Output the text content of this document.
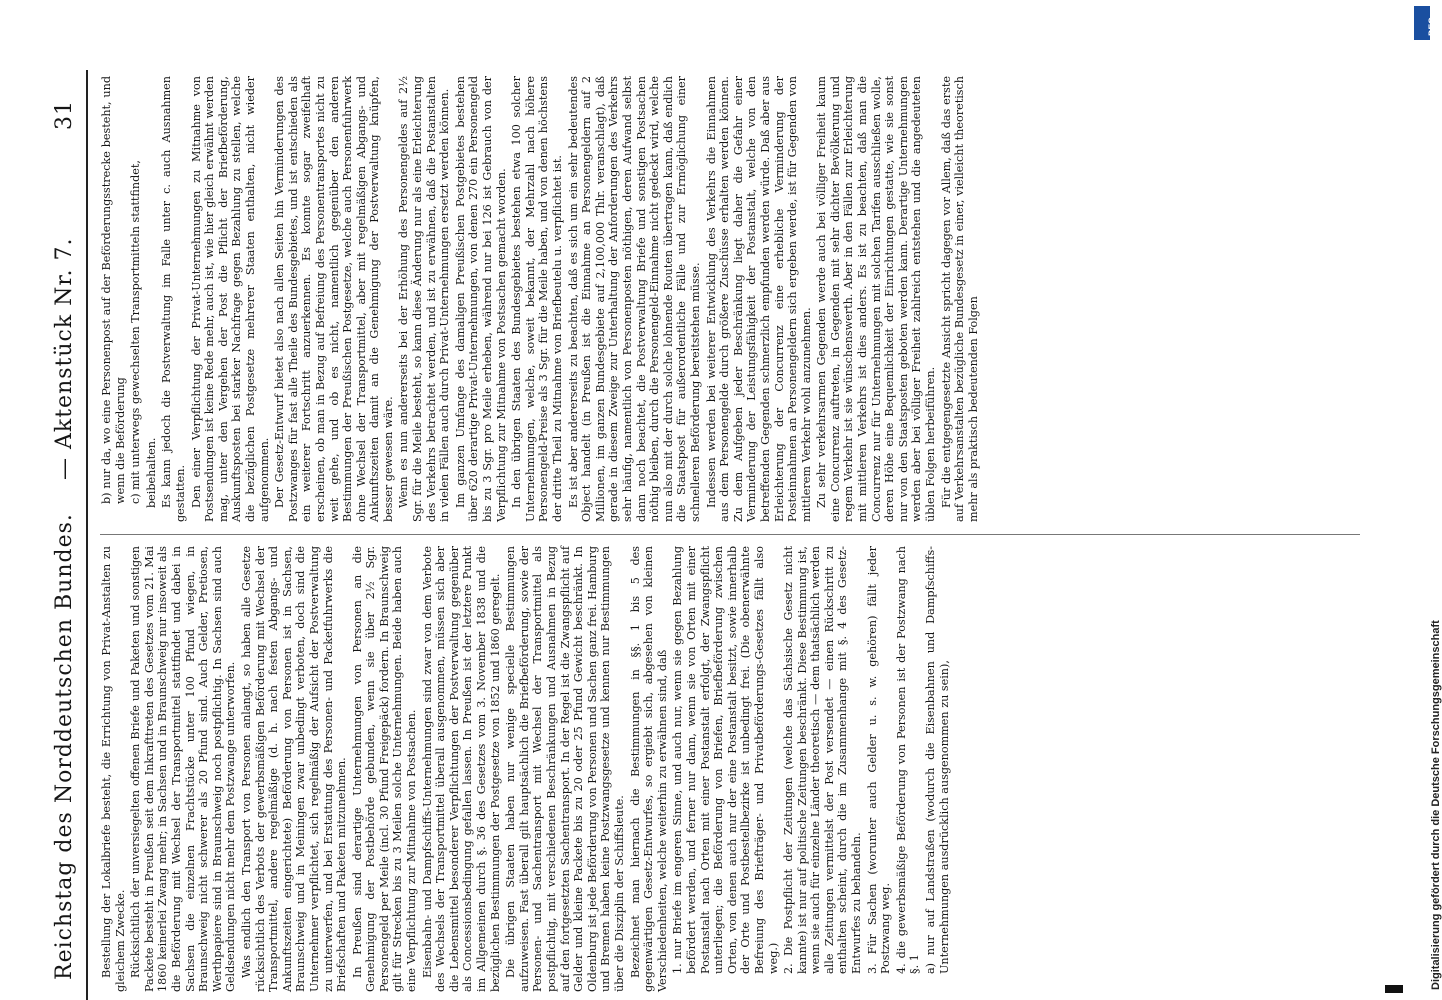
Reichstag des Norddeutschen Bundes.
— Aktenstück Nr. 7.
31

Bestellung der Lokalbriefe besteht, die Errichtung von Privat-Anstalten zu gleichem Zwecke. Rücksichtlich der unversiegelten offenen Briefe und Paketen und sonstigen Packete besteht in Preußen seit dem Inkrafttreten des Gesetzes vom 21. Mai 1860 keinerlei Zwang mehr; in Sachsen und in Braunschweig nur insoweit als die Beförderung mit Wechsel der Transportmittel stattfindet und dabei in Sachsen die einzelnen Frachtstücke unter 100 Pfund wiegen, in Braunschweig nicht schwerer als 20 Pfund sind. Auch Gelder, Pretiosen, Werthpapiere sind in Braunschweig noch postpflichtig. In Sachsen sind auch Geldsendungen nicht mehr dem Postzwange unterworfen. Was endlich den Transport von Personen anlangt, so haben alle Gesetze rücksichtlich des Verbots der gewerbsmäßigen Beförderung mit Wechsel der Transportmittel, andere regelmäßige (d. h. nach festen Abgangs- und Ankunftszeiten eingerichtete) Beförderung von Personen ist in Sachsen, Braunschweig und in Meiningen zwar unbedingt verboten, doch sind die Unternehmer verpflichtet, sich regelmäßig der Aufsicht der Postverwaltung zu unterwerfen, und bei Erstattung des Personen- und Packetfuhrwerks die Briefschaften und Paketen mitzunehmen. In Preußen sind derartige Unternehmungen von Personen an die Genehmigung der Postbehörde gebunden, wenn sie über 2½ Sgr. Personengeld per Meile (incl. 30 Pfund Freigepäck) fordern. In Braunschweig gilt für Strecken bis zu 3 Meilen solche Unternehmungen. Beide haben auch eine Verpflichtung zur Mitnahme von Postsachen. Eisenbahn- und Dampfschiffs-Unternehmungen sind zwar von dem Verbote des Wechsels der Transportmittel überall ausgenommen, müssen sich aber die Lebensmittel besonderer Verpflichtungen der Postverwaltung gegenüber als Concessionsbedingung gefallen lassen. In Preußen ist der letztere Punkt im Allgemeinen durch §. 36 des Gesetzes vom 3. November 1838 und die bezüglichen Bestimmungen der Postgesetze von 1852 und 1860 geregelt. Die übrigen Staaten haben nur wenige specielle Bestimmungen aufzuweisen. Fast überall gilt hauptsächlich die Briefbeförderung, sowie der Personen- und Sachentransport mit Wechsel der Transportmittel als postpflichtig, mit verschiedenen Beschränkungen und Ausnahmen in Bezug auf den fortgesetzten Sachentransport. In der Regel ist die Zwangspflicht auf Gelder und kleine Packete bis zu 20 oder 25 Pfund Gewicht beschränkt. In Oldenburg ist jede Beförderung von Personen und Sachen ganz frei. Hamburg und Bremen haben keine Postzwangsgesetze und kennen nur Bestimmungen über die Disziplin der Schiffsleute. Bezeichnet man hiernach die Bestimmungen in §§. 1 bis 5 des gegenwärtigen Gesetz-Entwurfes, so ergiebt sich, abgesehen von kleinen Verschiedenheiten, welche weiterhin zu erwähnen sind, daß 1. nur Briefe im engeren Sinne, und auch nur, wenn sie gegen Bezahlung befördert werden, und ferner nur dann, wenn sie von Orten mit einer Postanstalt nach Orten mit einer Postanstalt erfolgt, der Zwangspflicht unterliegen; die Beförderung von Briefen, Briefbeförderung zwischen Orten, von denen auch nur der eine Postanstalt besitzt, sowie innerhalb der Orte und Postbestellbezirke ist unbedingt frei. (Die obenerwähnte Befreiung des Briefträger- und Privatbeförderungs-Gesetzes fällt also weg.) 2. Die Postpflicht der Zeitungen (welche das Sächsische Gesetz nicht kannte) ist nur auf politische Zeitungen beschränkt. Diese Bestimmung ist, wenn sie auch für einzelne Länder theoretisch — dem thatsächlich werden alle Zeitungen vermittelst der Post versendet — einen Rückschritt zu enthalten scheint, durch die im Zusammenhange mit §. 4 des Gesetz-Entwurfes zu behandeln. 3. Für Sachen (worunter auch Gelder u. s. w. gehören) fällt jeder Postzwang weg. 4. die gewerbsmäßige Beförderung von Personen ist der Postzwang nach §. 1 a) nur auf Landstraßen (wodurch die Eisenbahnen und Dampfschiffs-Unternehmungen ausdrücklich ausgenommen zu sein),

b) nur da, wo eine Personenpost auf der Beförderungsstrecke besteht, und wenn die Beförderung c) mit unterwegs gewechselten Transportmitteln stattfindet, beibehalten. Es kann jedoch die Postverwaltung im Falle unter c. auch Ausnahmen gestatten. Den einer Verpflichtung der Privat-Unternehmungen zu Mitnahme von Postsendungen ist keine Rede mehr, auch ist, wie hier gleich erwähnt werden mag, unter den Vergehen der Post die Pflicht der Briefbeförderung, Auskunftsposten bei starker Nachfrage gegen Bezahlung zu stellen, welche die bezüglichen Postgesetze mehrerer Staaten enthalten, nicht wieder aufgenommen. Der Gesetz-Entwurf bietet also nach allen Seiten hin Verminderungen des Postzwanges für fast alle Theile des Bundesgebietes, und ist entschieden als ein weiterer Fortschritt anzuerkennen. Es konnte sogar zweifelhaft erscheinen, ob man in Bezug auf Befreiung des Personentransportes nicht zu weit gehe, und ob es nicht, namentlich gegenüber den anderen Bestimmungen der Preußischen Postgesetze, welche auch Personenfuhrwerk ohne Wechsel der Transportmittel, aber mit regelmäßigen Abgangs- und Ankunftszeiten damit an die Genehmigung der Postverwaltung knüpfen, besser gewesen wäre. Wenn es nun andererseits bei der Erhöhung des Personengeldes auf 2½ Sgr. für die Meile besteht, so kann diese Änderung nur als eine Erleichterung des Verkehrs betrachtet werden, und ist zu erwähnen, daß die Postanstalten in vielen Fällen auch durch Privat-Unternehmungen ersetzt werden können. Im ganzen Umfange des damaligen Preußischen Postgebietes bestehen über 620 derartige Privat-Unternehmungen, von denen 270 ein Personengeld bis zu 3 Sgr. pro Meile erheben, während nur bei 126 ist Gebrauch von der Verpflichtung zur Mitnahme von Postsachen gemacht worden. In den übrigen Staaten des Bundesgebietes bestehen etwa 100 solcher Unternehmungen, welche, soweit bekannt, der Mehrzahl nach höhere Personengeld-Preise als 3 Sgr. für die Meile haben, und von denen höchstens der dritte Theil zu Mitnahme von Briefbeutelu u. verpflichtet ist. Es ist aber andererseits zu beachten, daß es sich um ein sehr bedeutendes Object handelt (in Preußen ist die Einnahme an Personengeldern auf 2 Millionen, im ganzen Bundesgebiete auf 2,100,000 Thlr. veranschlagt), daß gerade in diesem Zweige zur Unterhaltung der Anforderungen des Verkehrs sehr häufig, namentlich von Personenposten nöthigen, deren Aufwand selbst dann noch beachtet, die Postverwaltung Briefe und sonstigen Postsachen nöthig bleiben, durch die Personengeld-Einnahme nicht gedeckt wird, welche nun also mit der durch solche lohnende Routen übertragen kann, daß endlich die Staatspost für außerordentliche Fälle und zur Ermöglichung einer schnelleren Beförderung bereitstehen müsse. Indessen werden bei weiterer Entwicklung des Verkehrs die Einnahmen aus dem Personengelde durch größere Zuschüsse erhalten werden können. Zu dem Aufgeben jeder Beschränkung liegt daher die Gefahr einer Verminderung der Leistungsfähigkeit der Postanstalt, welche von den betreffenden Gegenden schmerzlich empfunden werden würde. Daß aber aus Erleichterung der Concurrenz eine erhebliche Verminderung der Posteinnahmen an Personengeldern sich ergeben werde, ist für Gegenden von mittlerem Verkehr wohl anzunehmen. Zu sehr verkehrsarmen Gegenden werde auch bei völliger Freiheit kaum eine Concurrenz auftreten, in Gegenden mit sehr dichter Bevölkerung und regem Verkehr ist sie wünschenswerth. Aber in den Fällen zur Erleichterung mit mittleren Verkehrs ist dies anders. Es ist zu beachten, daß man die Concurrenz nur für Unternehmungen mit solchen Tarifen ausschließen wolle, deren Höhe eine Bequemlichkeit der Einrichtungen gestatte, wie sie sonst nur von den Staatsposten geboten werden kann. Derartige Unternehmungen werden aber bei völliger Freiheit zahlreich entstehen und die angedeuteten üblen Folgen herbeiführen. Für die entgegengesetzte Ansicht spricht dagegen vor Allem, daß das erste auf Verkehrsanstalten bezügliche Bundesgesetz in einer, vielleicht theoretisch mehr als praktisch bedeutenden Folgen

Digitalisierung gefördert durch die Deutsche Forschungsgemeinschaft
DFG
